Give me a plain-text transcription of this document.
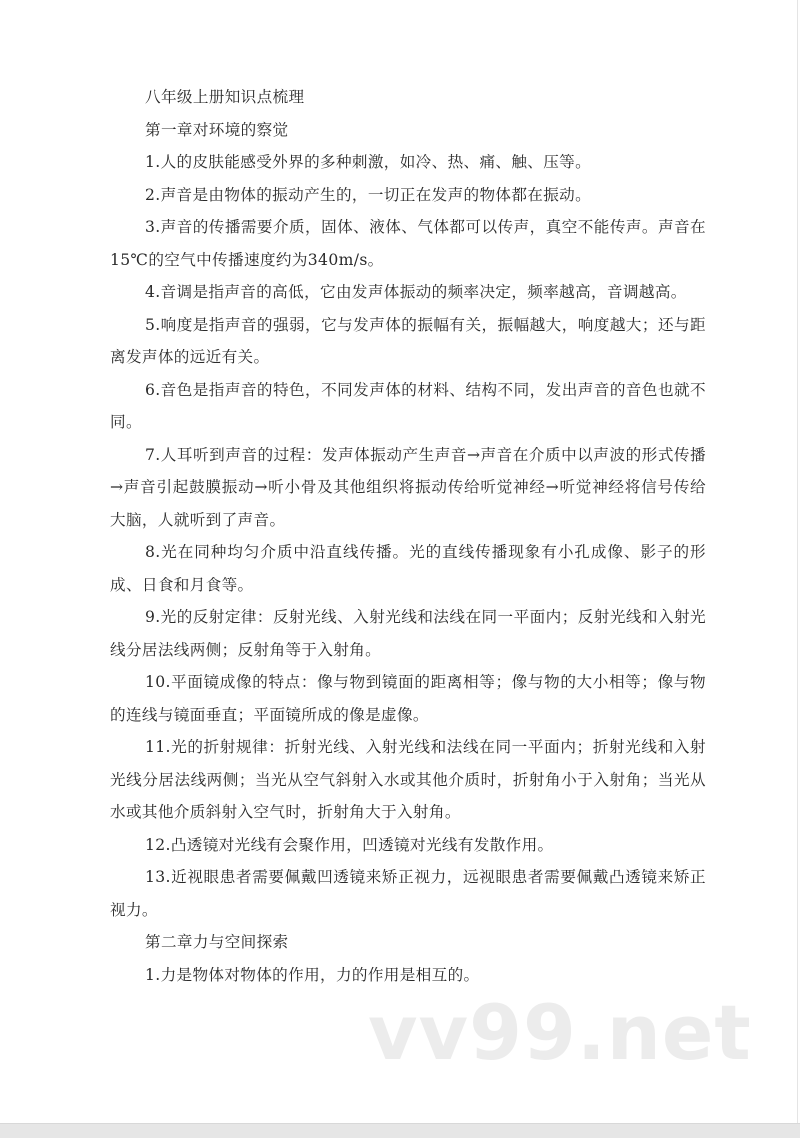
八年级上册知识点梳理

第一章对环境的察觉

1.人的皮肤能感受外界的多种刺激，如冷、热、痛、触、压等。

2.声音是由物体的振动产生的，一切正在发声的物体都在振动。

3.声音的传播需要介质，固体、液体、气体都可以传声，真空不能传声。声音在15℃的空气中传播速度约为340m/s。

4.音调是指声音的高低，它由发声体振动的频率决定，频率越高，音调越高。

5.响度是指声音的强弱，它与发声体的振幅有关，振幅越大，响度越大；还与距离发声体的远近有关。

6.音色是指声音的特色，不同发声体的材料、结构不同，发出声音的音色也就不同。

7.人耳听到声音的过程：发声体振动产生声音→声音在介质中以声波的形式传播→声音引起鼓膜振动→听小骨及其他组织将振动传给听觉神经→听觉神经将信号传给大脑，人就听到了声音。

8.光在同种均匀介质中沿直线传播。光的直线传播现象有小孔成像、影子的形成、日食和月食等。

9.光的反射定律：反射光线、入射光线和法线在同一平面内；反射光线和入射光线分居法线两侧；反射角等于入射角。

10.平面镜成像的特点：像与物到镜面的距离相等；像与物的大小相等；像与物的连线与镜面垂直；平面镜所成的像是虚像。

11.光的折射规律：折射光线、入射光线和法线在同一平面内；折射光线和入射光线分居法线两侧；当光从空气斜射入水或其他介质时，折射角小于入射角；当光从水或其他介质斜射入空气时，折射角大于入射角。

12.凸透镜对光线有会聚作用，凹透镜对光线有发散作用。

13.近视眼患者需要佩戴凹透镜来矫正视力，远视眼患者需要佩戴凸透镜来矫正视力。

第二章力与空间探索

1.力是物体对物体的作用，力的作用是相互的。

vv99.net
